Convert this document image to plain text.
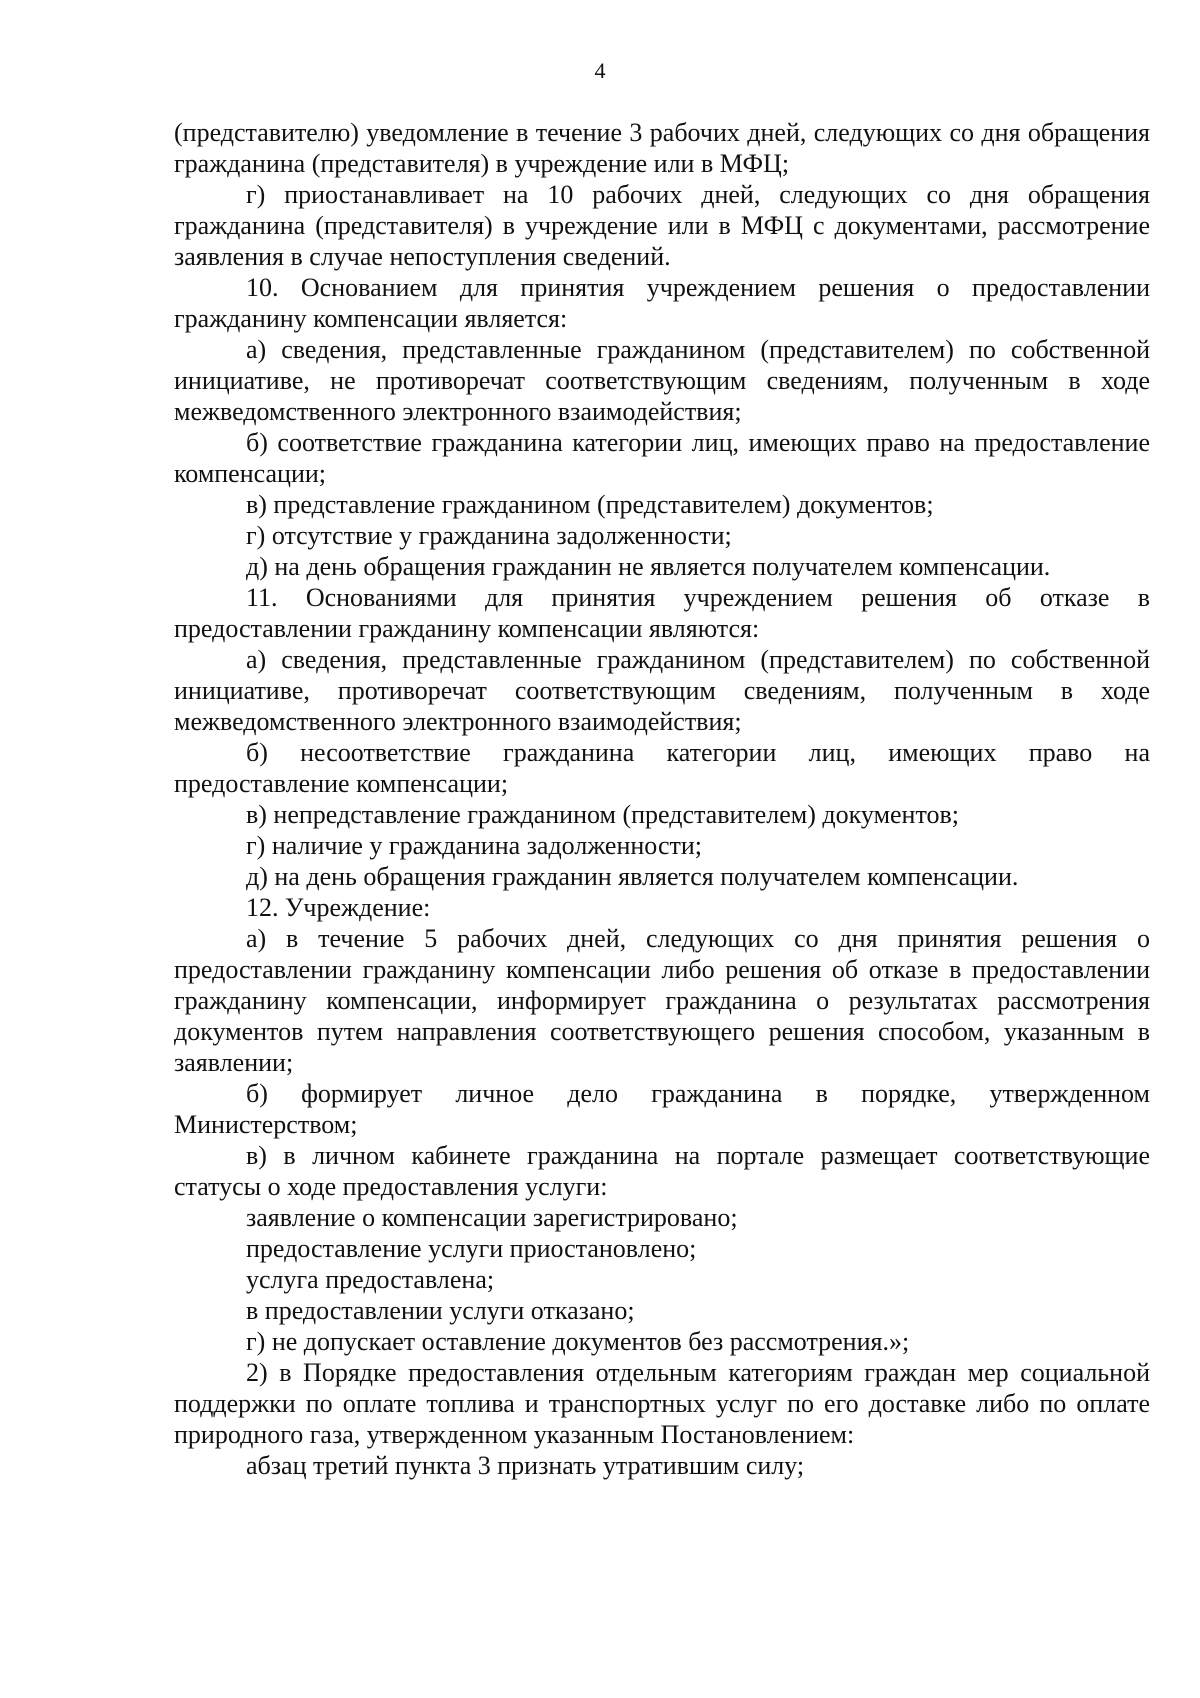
4

(представителю) уведомление в течение 3 рабочих дней, следующих со дня обращения гражданина (представителя) в учреждение или в МФЦ;

г) приостанавливает на 10 рабочих дней, следующих со дня обращения гражданина (представителя) в учреждение или в МФЦ с документами, рассмотрение заявления в случае непоступления сведений.

10. Основанием для принятия учреждением решения о предоставлении гражданину компенсации является:

а) сведения, представленные гражданином (представителем) по собственной инициативе, не противоречат соответствующим сведениям, полученным в ходе межведомственного электронного взаимодействия;

б) соответствие гражданина категории лиц, имеющих право на предоставление компенсации;

в) представление гражданином (представителем) документов;

г) отсутствие у гражданина задолженности;

д) на день обращения гражданин не является получателем компенсации.

11. Основаниями для принятия учреждением решения об отказе в предоставлении гражданину компенсации являются:

а) сведения, представленные гражданином (представителем) по собственной инициативе, противоречат соответствующим сведениям, полученным в ходе межведомственного электронного взаимодействия;

б) несоответствие гражданина категории лиц, имеющих право на предоставление компенсации;

в) непредставление гражданином (представителем) документов;

г) наличие у гражданина задолженности;

д) на день обращения гражданин является получателем компенсации.

12. Учреждение:

а) в течение 5 рабочих дней, следующих со дня принятия решения о предоставлении гражданину компенсации либо решения об отказе в предоставлении гражданину компенсации, информирует гражданина о результатах рассмотрения документов путем направления соответствующего решения способом, указанным в заявлении;

б) формирует личное дело гражданина в порядке, утвержденном Министерством;

в) в личном кабинете гражданина на портале размещает соответствующие статусы о ходе предоставления услуги:

заявление о компенсации зарегистрировано;

предоставление услуги приостановлено;

услуга предоставлена;

в предоставлении услуги отказано;

г) не допускает оставление документов без рассмотрения.»;

2) в Порядке предоставления отдельным категориям граждан мер социальной поддержки по оплате топлива и транспортных услуг по его доставке либо по оплате природного газа, утвержденном указанным Постановлением:

абзац третий пункта 3 признать утратившим силу;
